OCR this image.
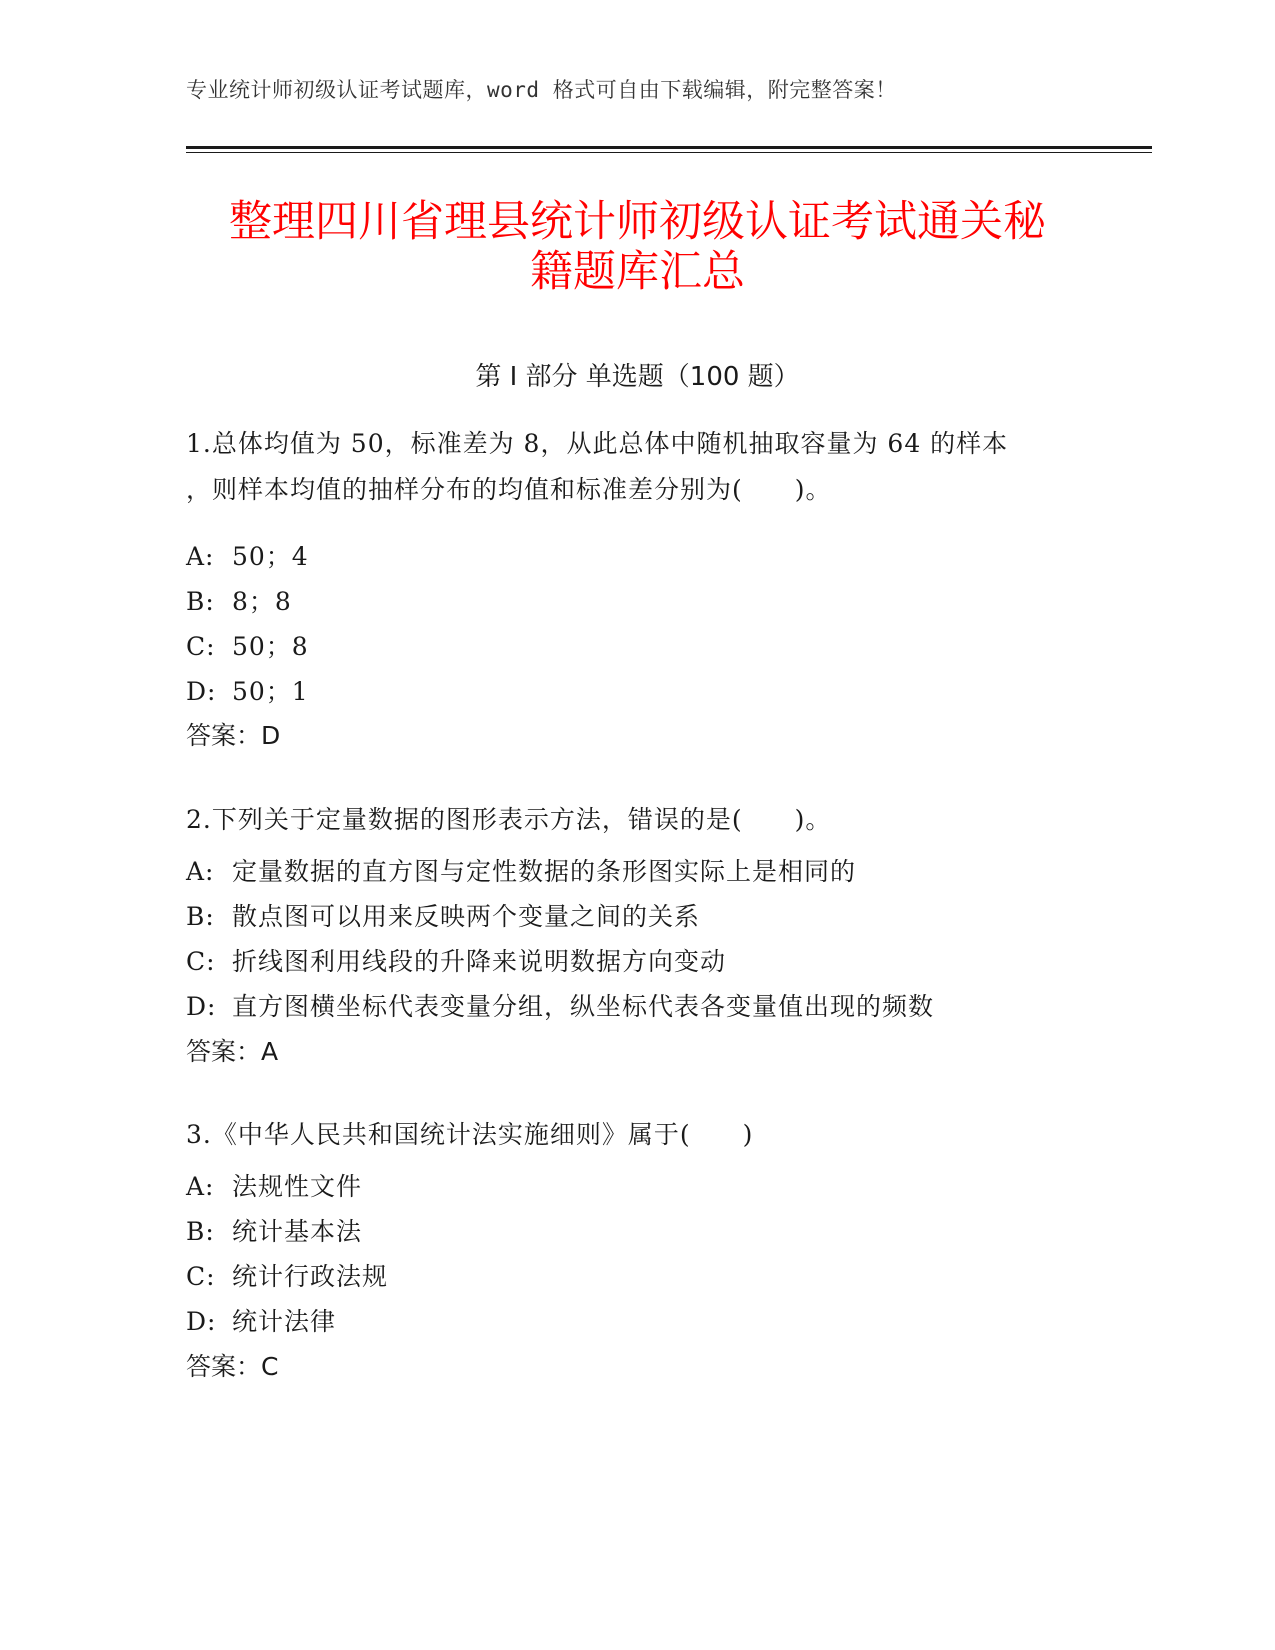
专业统计师初级认证考试题库，word 格式可自由下载编辑，附完整答案！
整理四川省理县统计师初级认证考试通关秘
籍题库汇总
第 I 部分 单选题（100 题）

1.总体均值为 50，标准差为 8，从此总体中随机抽取容量为 64 的样本
，则样本均值的抽样分布的均值和标准差分别为(　　)。

A: 50；4
B: 8；8
C: 50；8
D: 50；1
答案：D

2.下列关于定量数据的图形表示方法，错误的是(　　)。

A: 定量数据的直方图与定性数据的条形图实际上是相同的
B: 散点图可以用来反映两个变量之间的关系
C: 折线图利用线段的升降来说明数据方向变动
D: 直方图横坐标代表变量分组，纵坐标代表各变量值出现的频数
答案：A

3.《中华人民共和国统计法实施细则》属于(　　)

A: 法规性文件
B: 统计基本法
C: 统计行政法规
D: 统计法律
答案：C
